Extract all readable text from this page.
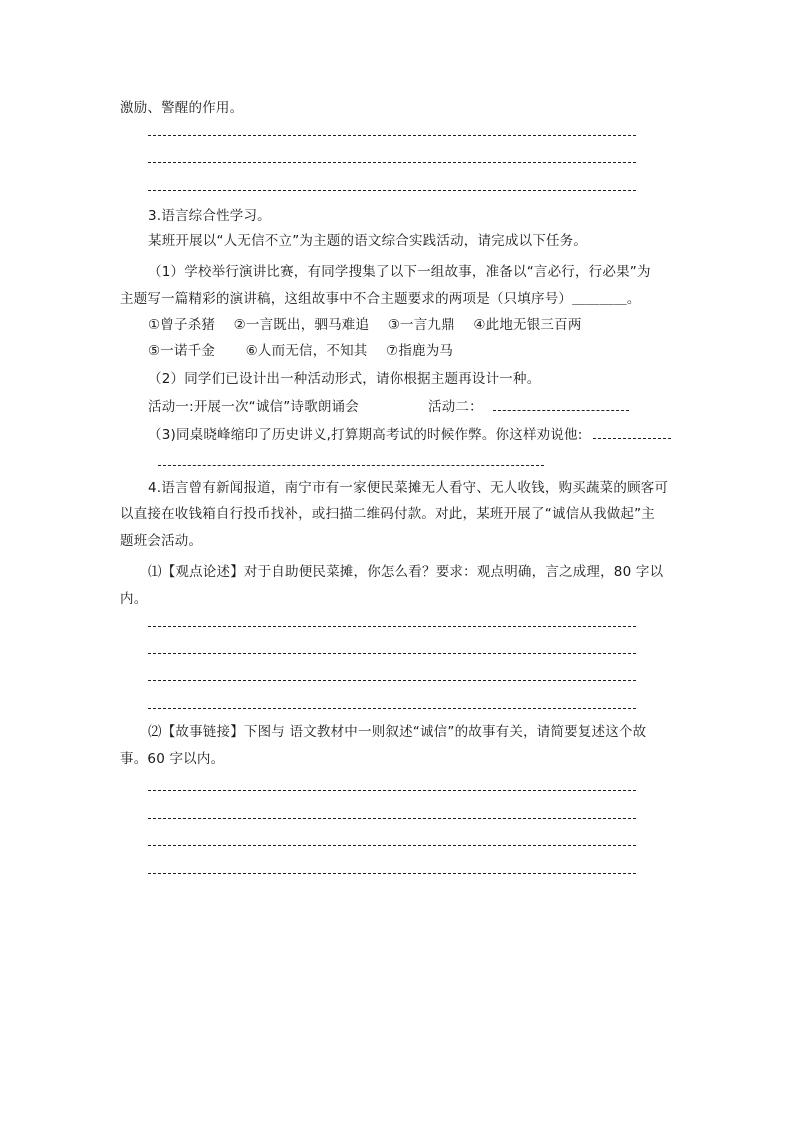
激励、警醒的作用。
3.语言综合性学习。
某班开展以“人无信不立”为主题的语文综合实践活动，请完成以下任务。
（1）学校举行演讲比赛，有同学搜集了以下一组故事，准备以“言必行，行必果”为
主题写一篇精彩的演讲稿，这组故事中不合主题要求的两项是（只填序号）＿＿＿＿。
①曾子杀猪 ②一言既出，驷马难追 ③一言九鼎 ④此地无银三百两
⑤一诺千金 ⑥人而无信，不知其 ⑦指鹿为马
（2）同学们已设计出一种活动形式，请你根据主题再设计一种。
活动一:开展一次“诚信”诗歌朗诵会	活动二：
（3)同桌晓峰缩印了历史讲义,打算期高考试的时候作弊。你这样劝说他:
4.语言曾有新闻报道，南宁市有一家便民菜摊无人看守、无人收钱，购买蔬菜的顾客可
以直接在收钱箱自行投币找补，或扫描二维码付款。对此，某班开展了“诚信从我做起”主
题班会活动。
⑴【观点论述】对于自助便民菜摊，你怎么看？要求：观点明确，言之成理，80 字以
内。
⑵【故事链接】下图与 语文教材中一则叙述“诚信”的故事有关，请简要复述这个故
事。60 字以内。
